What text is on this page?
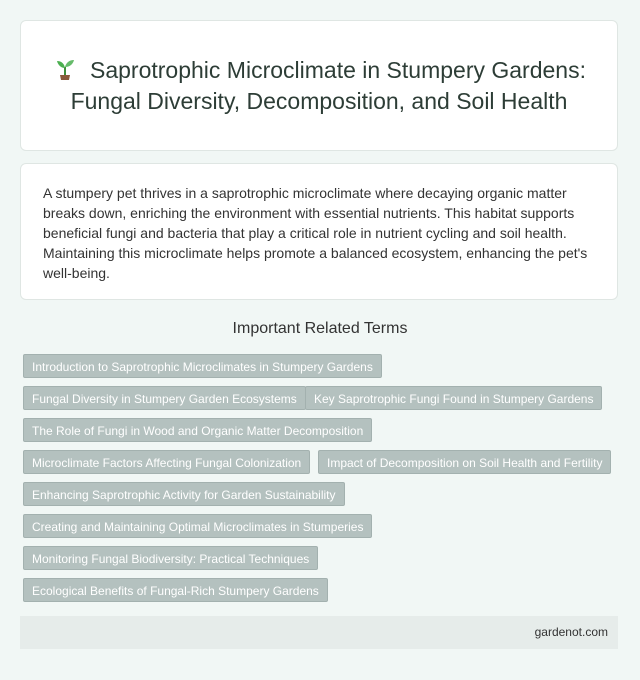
Saprotrophic Microclimate in Stumpery Gardens: Fungal Diversity, Decomposition, and Soil Health

A stumpery pet thrives in a saprotrophic microclimate where decaying organic matter breaks down, enriching the environment with essential nutrients. This habitat supports beneficial fungi and bacteria that play a critical role in nutrient cycling and soil health. Maintaining this microclimate helps promote a balanced ecosystem, enhancing the pet's well-being.

Important Related Terms
Introduction to Saprotrophic Microclimates in Stumpery Gardens
Fungal Diversity in Stumpery Garden Ecosystems	Key Saprotrophic Fungi Found in Stumpery Gardens
The Role of Fungi in Wood and Organic Matter Decomposition
Microclimate Factors Affecting Fungal Colonization	Impact of Decomposition on Soil Health and Fertility
Enhancing Saprotrophic Activity for Garden Sustainability
Creating and Maintaining Optimal Microclimates in Stumperies
Monitoring Fungal Biodiversity: Practical Techniques
Ecological Benefits of Fungal-Rich Stumpery Gardens
gardenot.com
